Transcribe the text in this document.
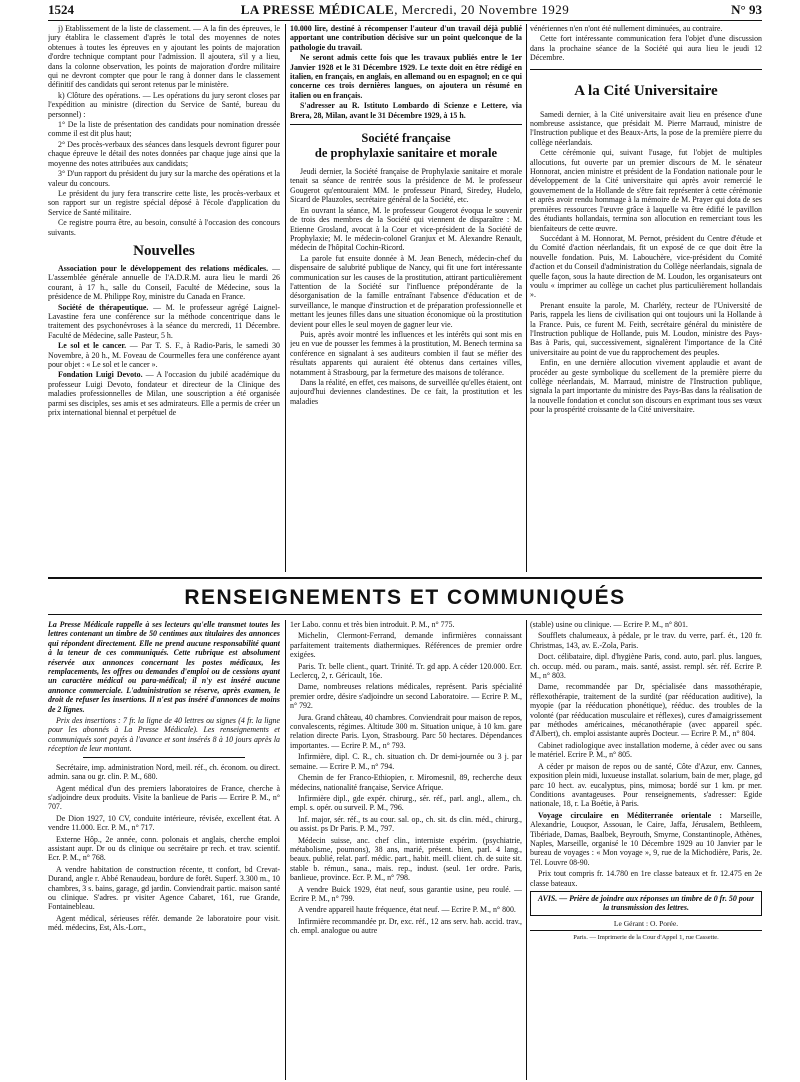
1524	LA PRESSE MÉDICALE, Mercredi, 20 Novembre 1929	N° 93

j) Etablissement de la liste de classement. — A la fin des épreuves, le jury établira le classement d'après le total des moyennes de notes obtenues à toutes les épreuves en y ajoutant les points de majoration d'ordre technique comptant pour l'admission. Il ajoutera, s'il y a lieu, dans la colonne observation, les points de majoration d'ordre militaire qui ne devront compter que pour le rang à donner dans le classement définitif des candidats qui seront retenus par le ministère.

k) Clôture des opérations. — Les opérations du jury seront closes par l'expédition au ministre (direction du Service de Santé, bureau du personnel) :

1° De la liste de présentation des candidats pour nomination dressée comme il est dit plus haut;

2° Des procès-verbaux des séances dans lesquels devront figurer pour chaque épreuve le détail des notes données par chaque juge ainsi que la moyenne des notes attribuées aux candidats;

3° D'un rapport du président du jury sur la marche des opérations et la valeur du concours.

Le président du jury fera transcrire cette liste, les procès-verbaux et son rapport sur un registre spécial déposé à l'école d'application du Service de Santé militaire.

Ce registre pourra être, au besoin, consulté à l'occasion des concours suivants.

Nouvelles

Association pour le développement des relations médicales. — L'assemblée générale annuelle de l'A.D.R.M. aura lieu le mardi 26 courant, à 17 h., salle du Conseil, Faculté de Médecine, sous la présidence de M. Philippe Roy, ministre du Canada en France.

Société de thérapeutique. — M. le professeur agrégé Laignel-Lavastine fera une conférence sur la méthode concentrique dans le traitement des psychonévroses à la séance du mercredi, 11 Décembre. Faculté de Médecine, salle Pasteur, 5 h.

Le sol et le cancer. — Par T. S. F., à Radio-Paris, le samedi 30 Novembre, à 20 h., M. Foveau de Courmelles fera une conférence ayant pour objet : « Le sol et le cancer ».

Fondation Luigi Devoto. — A l'occasion du jubilé académique du professeur Luigi Devoto, fondateur et directeur de la Clinique des maladies professionnelles de Milan, une souscription a été organisée parmi ses disciples, ses amis et ses admirateurs. Elle a permis de créer un prix international biennal et perpétuel de

10.000 lire, destiné à récompenser l'auteur d'un travail déjà publié apportant une contribution décisive sur un point quelconque de la pathologie du travail.

Ne seront admis cette fois que les travaux publiés entre le 1er Janvier 1928 et le 31 Décembre 1929. Le texte doit en être rédigé en italien, en français, en anglais, en allemand ou en espagnol; en ce qui concerne ces trois dernières langues, on ajoutera un résumé en italien ou en français.

S'adresser au R. Istituto Lombardo di Scienze e Lettere, via Brera, 28, Milan, avant le 31 Décembre 1929, à 15 h.

Société française
de prophylaxie sanitaire et morale

Jeudi dernier, la Société française de Prophylaxie sanitaire et morale tenait sa séance de rentrée sous la présidence de M. le professeur Gougerot qu'entouraient MM. le professeur Pinard, Siredey, Hudelo, Sicard de Plauzoles, secrétaire général de la Société, etc.

En ouvrant la séance, M. le professeur Gougerot évoqua le souvenir de trois des membres de la Société qui viennent de disparaître : M. Etienne Grosland, avocat à la Cour et vice-président de la Société de Prophylaxie; M. le médecin-colonel Granjux et M. Alexandre Renault, médecin de l'hôpital Cochin-Ricord.

La parole fut ensuite donnée à M. Jean Benech, médecin-chef du dispensaire de salubrité publique de Nancy, qui fit une fort intéressante communication sur les causes de la prostitution, attirant particulièrement l'attention de la Société sur l'influence prépondérante de la désorganisation de la famille entraînant l'absence d'éducation et de surveillance, le manque d'instruction et de préparation professionnelle et mettant les jeunes filles dans une situation économique où la prostitution devient pour elles le seul moyen de gagner leur vie.

Puis, après avoir montré les influences et les intérêts qui sont mis en jeu en vue de pousser les femmes à la prostitution, M. Benech termina sa conférence en signalant à ses auditeurs combien il faut se méfier des résultats apparents qui auraient été obtenus dans certaines villes, notamment à Strasbourg, par la fermeture des maisons de tolérance.

Dans la réalité, en effet, ces maisons, de surveillée qu'elles étaient, ont aujourd'hui deviennes clandestines. De ce fait, la prostitution et les maladies

vénériennes n'en n'ont été nullement diminuées, au contraire.

Cette fort intéressante communication fera l'objet d'une discussion dans la prochaine séance de la Société qui aura lieu le jeudi 12 Décembre.

A la Cité Universitaire

Samedi dernier, à la Cité universitaire avait lieu en présence d'une nombreuse assistance, que présidait M. Pierre Marraud, ministre de l'Instruction publique et des Beaux-Arts, la pose de la première pierre du collège néerlandais.

Cette cérémonie qui, suivant l'usage, fut l'objet de multiples allocutions, fut ouverte par un premier discours de M. le sénateur Honnorat, ancien ministre et président de la Fondation nationale pour le développement de la Cité universitaire qui après avoir remercié le gouvernement de la Hollande de s'être fait représenter à cette cérémonie et après avoir rendu hommage à la mémoire de M. Prayer qui dota de ses premières ressources l'œuvre grâce à laquelle va être édifié le pavillon des étudiants hollandais, termina son allocution en remerciant tous les bienfaiteurs de cette œuvre.

Succédant à M. Honnorat, M. Pernot, président du Centre d'étude et du Comité d'action néerlandais, fit un exposé de ce que doit être la nouvelle fondation. Puis, M. Labouchère, vice-président du Comité d'action et du Conseil d'administration du Collège néerlandais, signala de quelle façon, sous la haute direction de M. Loudon, les organisateurs ont voulu « imprimer au collège un cachet plus particulièrement hollandais ».

Prenant ensuite la parole, M. Charléty, recteur de l'Université de Paris, rappela les liens de civilisation qui ont toujours uni la Hollande à la France. Puis, ce furent M. Feith, secrétaire général du ministère de l'Instruction publique de Hollande, puis M. Loudon, ministre des Pays-Bas à Paris, qui, successivement, signalèrent l'importance de la Cité universitaire au point de vue du rapprochement des peuples.

Enfin, en une dernière allocution vivement applaudie et avant de procéder au geste symbolique du scellement de la première pierre du collège néerlandais, M. Marraud, ministre de l'Instruction publique, signala la part importante du ministre des Pays-Bas dans la réalisation de la nouvelle fondation et conclut son discours en exprimant tous ses vœux pour la prospérité croissante de la Cité universitaire.

RENSEIGNEMENTS ET COMMUNIQUÉS

La Presse Médicale rappelle à ses lecteurs qu'elle transmet toutes les lettres contenant un timbre de 50 centimes aux titulaires des annonces qui répondent directement. Elle ne prend aucune responsabilité quant à la teneur de ces communiqués. Cette rubrique est absolument réservée aux annonces concernant les postes médicaux, les remplacements, les offres ou demandes d'emploi ou de cessions ayant un caractère médical ou para-médical; il n'y est inséré aucune annonce commerciale. L'administration se réserve, après examen, le droit de refuser les insertions. Il n'est pas inséré d'annonces de moins de 2 lignes.

Prix des insertions : 7 fr. la ligne de 40 lettres ou signes (4 fr. la ligne pour les abonnés à La Presse Médicale). Les renseignements et communiqués sont payés à l'avance et sont insérés 8 à 10 jours après la réception de leur montant.

Secrétaire, imp. administration Nord, meil. réf., ch. économ. ou direct. admin. sana ou gr. clin. P. M., 680.

Agent médical d'un des premiers laboratoires de France, cherche à s'adjoindre deux produits. Visite la banlieue de Paris — Ecrire P. M., n° 707.

De Dion 1927, 10 CV, conduite intérieure, révisée, excellent état. A vendre 11.000. Ecr. P. M., n° 717.

Externe Hôp., 2e année, conn. polonais et anglais, cherche emploi assistant aupr. Dr ou ds clinique ou secrétaire pr rech. et trav. scientif. Ecr. P. M., n° 768.

A vendre habitation de construction récente, tt confort, bd Crevat-Durand, angle r. Abbé Renaudeau, bordure de forêt. Superf. 3.300 m., 10 chambres, 3 s. bains, garage, gd jardin. Conviendrait partic. maison santé ou clinique. S'adres. pr visiter Agence Cabaret, 161, rue Grande, Fontainebleau.

Agent médical, sérieuses référ. demande 2e laboratoire pour visit. méd. médecins, Est, Als.-Lorr.,

1er Labo. connu et très bien introduit. P. M., n° 775.

Michelin, Clermont-Ferrand, demande infirmières connaissant parfaitement traitements diathermiques. Références de premier ordre exigées.

Paris. Tr. belle client., quart. Trinité. Tr. gd app. A céder 120.000. Ecr. Leclercq, 2, r. Géricault, 16e.

Dame, nombreuses relations médicales, représent. Paris spécialité premier ordre, désire s'adjoindre un second Laboratoire. — Ecrire P. M., n° 792.

Jura. Grand château, 40 chambres. Conviendrait pour maison de repos, convalescents, régimes. Altitude 300 m. Situation unique, à 10 km. gare relation directe Paris. Lyon, Strasbourg. Parc 50 hectares. Dépendances importantes. — Ecrire P. M., n° 793.

Infirmière, dipl. C. R., ch. situation ch. Dr demi-journée ou 3 j. par semaine. — Ecrire P. M., n° 794.

Chemin de fer Franco-Ethiopien, r. Miromesnil, 89, recherche deux médecins, nationalité française, Service Afrique.

Infirmière dipl., gde expér. chirurg., sér. réf., parl. angl., allem., ch. empl. s. opér. ou surveil. P. M., 796.

Inf. major, sér. réf., ts au cour. sal. op., ch. sit. ds clin. méd., chirurg., ou assist. ps Dr Paris. P. M., 797.

Médecin suisse, anc. chef clin., interniste expérim. (psychiatrie, métabolisme, poumons), 38 ans, marié, présent. bien, parl. 4 lang., beaux. publié, relat. parf. médic. part., habit. meill. client. ch. de suite sit. stable b. rémun., sana., mais. rep., indust. (seul. 1er ordre. Paris, banlieue, province. Ecr. P. M., n° 798.

A vendre Buick 1929, état neuf, sous garantie usine, peu roulé. — Ecrire P. M., n° 799.

A vendre appareil haute fréquence, état neuf. — Ecrire P. M., n° 800.

Infirmière recommandée pr. Dr, exc. réf., 12 ans serv. hab. accid. trav., ch. empl. analogue ou autre

(stable) usine ou clinique. — Ecrire P. M., n° 801.

Soufflets chalumeaux, à pédale, pr le trav. du verre, parf. ét., 120 fr. Christmas, 143, av. E.-Zola, Paris.

Doct. célibataire, dipl. d'hygiène Paris, cond. auto, parl. plus. langues, ch. occup. méd. ou param., mais. santé, assist. rempl. sér. réf. Ecrire P. M., n° 803.

Dame, recommandée par Dr, spécialisée dans massothérapie, réflexothérapie, traitement de la surdité (par rééducation auditive), la myopie (par la rééducation phonétique), rééduc. des troubles de la volonté (par rééducation musculaire et réflexes), cures d'amaigrissement par méthodes américaines, mécanothérapie (avec appareil spéc. d'Albert), ch. emploi assistante auprès Docteur. — Ecrire P. M., n° 804.

Cabinet radiologique avec installation moderne, à céder avec ou sans le matériel. Ecrire P. M., n° 805.

A céder pr maison de repos ou de santé, Côte d'Azur, env. Cannes, exposition plein midi, luxueuse installat. solarium, bain de mer, plage, gd parc 10 hect. av. eucalyptus, pins, mimosa; bordé sur 1 km. pr mer. Conditions avantageuses. Pour renseignements, s'adresser: Egide nationale, 18, r. La Boétie, à Paris.

Voyage circulaire en Méditerranée orientale : Marseille, Alexandrie, Louqsor, Assouan, le Caire, Jaffa, Jérusalem, Bethleem, Tibériade, Damas, Baalbek, Beyrouth, Smyrne, Constantinople, Athènes, Naples, Marseille, organisé le 10 Décembre 1929 au 10 Janvier par le bureau de voyages : « Mon voyage », 9, rue de la Michodière, Paris, 2e. Tél. Louvre 08-90.

Prix tout compris fr. 14.780 en 1re classe bateaux et fr. 12.475 en 2e classe bateaux.

AVIS. — Prière de joindre aux réponses un timbre de 0 fr. 50 pour la transmission des lettres.
Le Gérant : O. Porée.
Paris. — Imprimerie de la Cour d'Appel 1, rue Cassette.
